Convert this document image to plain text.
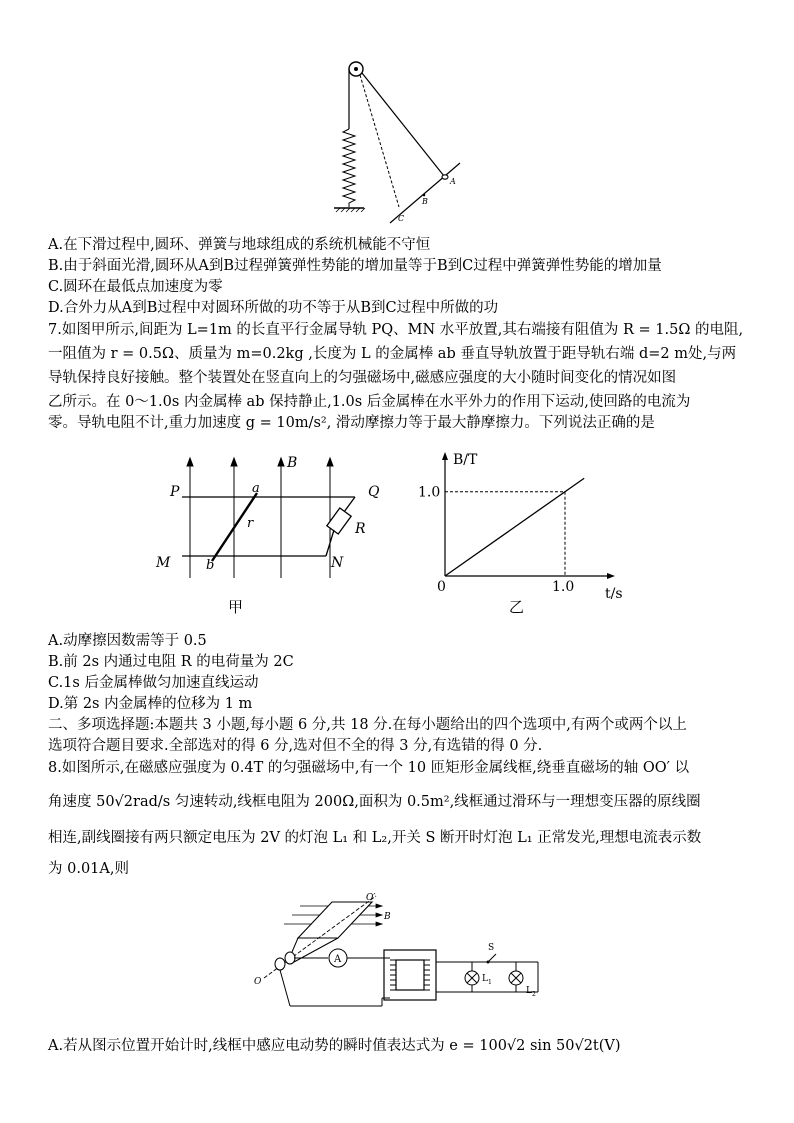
A
B
C
A.在下滑过程中,圆环、弹簧与地球组成的系统机械能不守恒
B.由于斜面光滑,圆环从A到B过程弹簧弹性势能的增加量等于B到C过程中弹簧弹性势能的增加量
C.圆环在最低点加速度为零
D.合外力从A到B过程中对圆环所做的功不等于从B到C过程中所做的功
7.如图甲所示,间距为 L=1m 的长直平行金属导轨 PQ、MN 水平放置,其右端接有阻值为 R = 1.5Ω 的电阻,
一阻值为 r = 0.5Ω、质量为 m=0.2kg ,长度为 L 的金属棒 ab 垂直导轨放置于距导轨右端 d=2 m处,与两
导轨保持良好接触。整个装置处在竖直向上的匀强磁场中,磁感应强度的大小随时间变化的情况如图
乙所示。在 0～1.0s 内金属棒 ab 保持静止,1.0s 后金属棒在水平外力的作用下运动,使回路的电流为
零。导轨电阻不计,重力加速度 g = 10m/s², 滑动摩擦力等于最大静摩擦力。下列说法正确的是
P	Q
M	N
a
b
r	R
B
甲
B/T
t/s
0
1.0
1.0
乙
A.动摩擦因数需等于 0.5
B.前 2s 内通过电阻 R 的电荷量为 2C
C.1s 后金属棒做匀加速直线运动
D.第 2s 内金属棒的位移为 1 m
二、多项选择题:本题共 3 小题,每小题 6 分,共 18 分.在每小题给出的四个选项中,有两个或两个以上
选项符合题目要求.全部选对的得 6 分,选对但不全的得 3 分,有选错的得 0 分.
8.如图所示,在磁感应强度为 0.4T 的匀强磁场中,有一个 10 匝矩形金属线框,绕垂直磁场的轴 OO′ 以
角速度 50√2rad/s 匀速转动,线框电阻为 200Ω,面积为 0.5m²,线框通过滑环与一理想变压器的原线圈
相连,副线圈接有两只额定电压为 2V 的灯泡 L₁ 和 L₂,开关 S 断开时灯泡 L₁ 正常发光,理想电流表示数
为 0.01A,则
O′
B
O
A
S
$L_1$
$L_2$
A.若从图示位置开始计时,线框中感应电动势的瞬时值表达式为 e = 100√2 sin 50√2t(V)
